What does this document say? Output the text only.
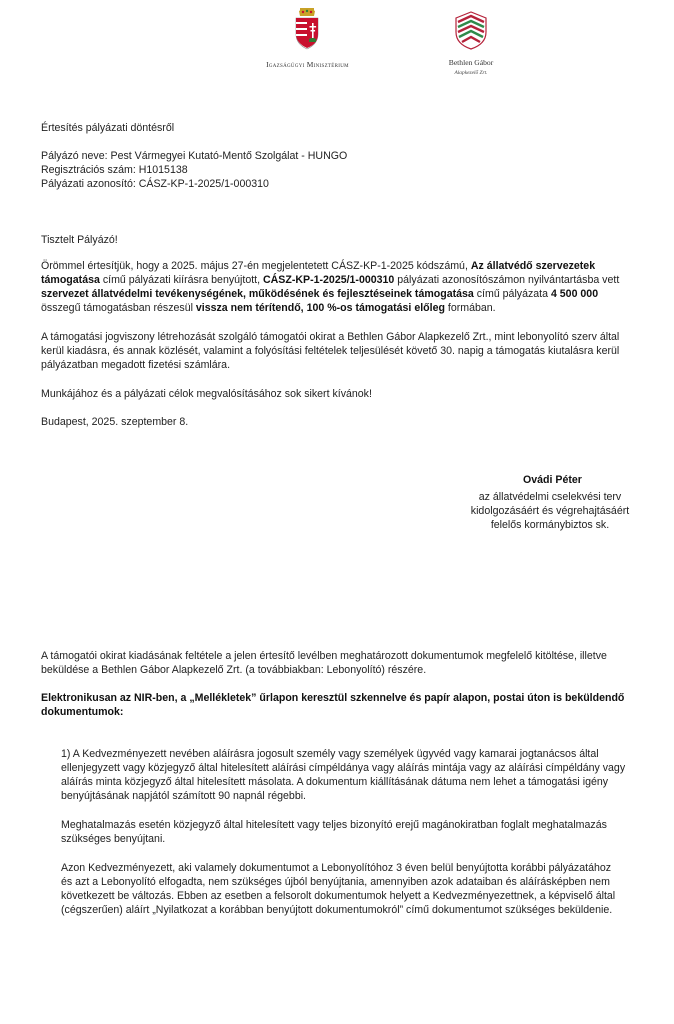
Igazságügyi Minisztérium	Bethlen Gábor
Alapkezelő Zrt.
Értesítés pályázati döntésről
Pályázó neve: Pest Vármegyei Kutató-Mentő Szolgálat - HUNGO
Regisztrációs szám: H1015138
Pályázati azonosító: CÁSZ-KP-1-2025/1-000310
Tisztelt Pályázó!
Örömmel értesítjük, hogy a 2025. május 27-én megjelentetett CÁSZ-KP-1-2025 kódszámú, Az állatvédő szervezetek
támogatása című pályázati kiírásra benyújtott, CÁSZ-KP-1-2025/1-000310 pályázati azonosítószámon nyilvántartásba vett
szervezet állatvédelmi tevékenységének, működésének és fejlesztéseinek támogatása című pályázata 4 500 000
összegű támogatásban részesül vissza nem térítendő, 100 %-os támogatási előleg formában.
A támogatási jogviszony létrehozását szolgáló támogatói okirat a Bethlen Gábor Alapkezelő Zrt., mint lebonyolító szerv által
kerül kiadásra, és annak közlését, valamint a folyósítási feltételek teljesülését követő 30. napig a támogatás kiutalásra kerül
pályázatban megadott fizetési számlára.
Munkájához és a pályázati célok megvalósításához sok sikert kívánok!
Budapest, 2025. szeptember 8.
Ovádi Péter
az állatvédelmi cselekvési terv
kidolgozásáért és végrehajtásáért
felelős kormánybiztos sk.
A támogatói okirat kiadásának feltétele a jelen értesítő levélben meghatározott dokumentumok megfelelő kitöltése, illetve
beküldése a Bethlen Gábor Alapkezelő Zrt. (a továbbiakban: Lebonyolító) részére.
Elektronikusan az NIR-ben, a „Mellékletek” űrlapon keresztül szkennelve és papír alapon, postai úton is beküldendő
dokumentumok:
1) A Kedvezményezett nevében aláírásra jogosult személy vagy személyek ügyvéd vagy kamarai jogtanácsos által
ellenjegyzett vagy közjegyző által hitelesített aláírási címpéldánya vagy aláírás mintája vagy az aláírási címpéldány vagy
aláírás minta közjegyző által hitelesített másolata. A dokumentum kiállításának dátuma nem lehet a támogatási igény
benyújtásának napjától számított 90 napnál régebbi.
Meghatalmazás esetén közjegyző által hitelesített vagy teljes bizonyító erejű magánokiratban foglalt meghatalmazás
szükséges benyújtani.
Azon Kedvezményezett, aki valamely dokumentumot a Lebonyolítóhoz 3 éven belül benyújtotta korábbi pályázatához
és azt a Lebonyolító elfogadta, nem szükséges újból benyújtania, amennyiben azok adataiban és aláírásképben nem
következett be változás. Ebben az esetben a felsorolt dokumentumok helyett a Kedvezményezettnek, a képviselő által
(cégszerűen) aláírt „Nyilatkozat a korábban benyújtott dokumentumokról” című dokumentumot szükséges beküldenie.
